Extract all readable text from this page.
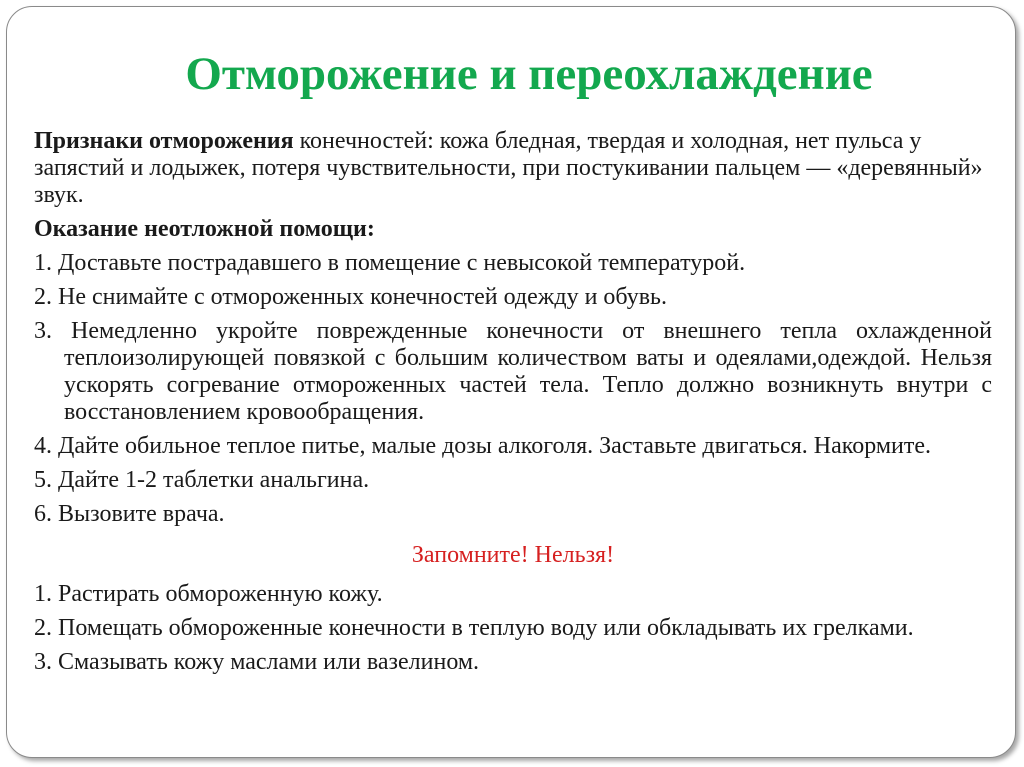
Отморожение и переохлаждение

Признаки отморожения конечностей: кожа бледная, твердая и холодная, нет пульса у запястий и лодыжек, потеря чувствительности, при постукивании пальцем — «деревянный» звук.

Оказание неотложной помощи:

1. Доставьте пострадавшего в помещение с невысокой температурой.

2. Не снимайте с отмороженных конечностей одежду и обувь.

3. Немедленно укройте поврежденные конечности от внешнего тепла охлажденной теплоизолирующей повязкой с большим количеством ваты и одеялами,одеждой. Нельзя ускорять согревание отмороженных частей тела. Тепло должно возникнуть внутри с восстановлением кровообращения.

4. Дайте обильное теплое питье, малые дозы алкоголя. Заставьте двигаться. Накормите.

5. Дайте 1-2 таблетки анальгина.

6. Вызовите врача.

Запомните! Нельзя!

1. Растирать обмороженную кожу.

2. Помещать обмороженные конечности в теплую воду или обкладывать их грелками.

3. Смазывать кожу маслами или вазелином.
